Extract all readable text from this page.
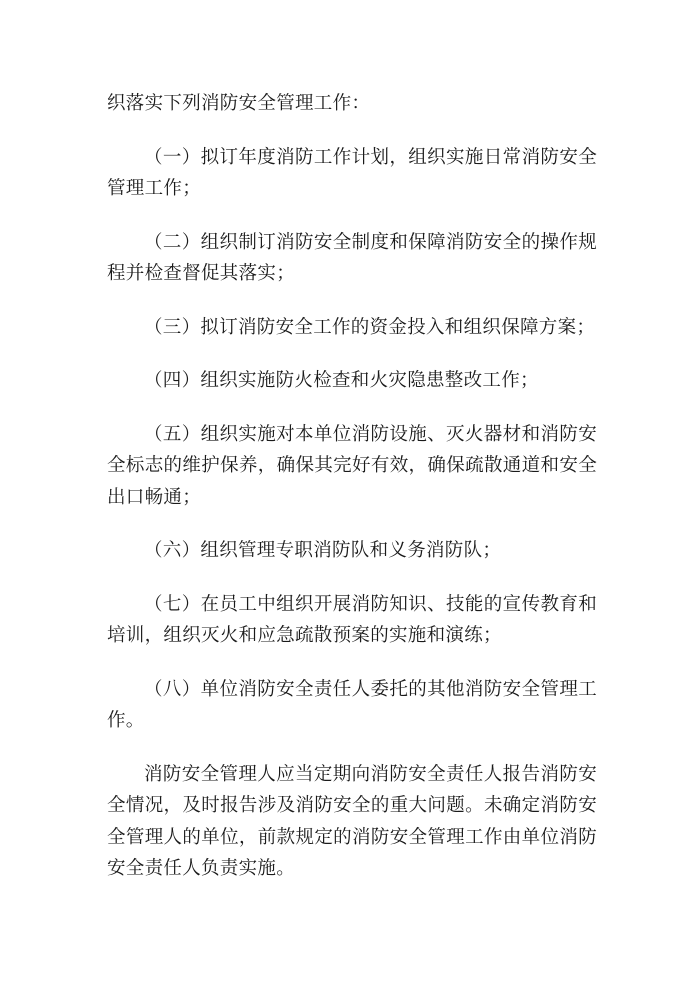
织落实下列消防安全管理工作：

（一）拟订年度消防工作计划，组织实施日常消防安全管理工作；

（二）组织制订消防安全制度和保障消防安全的操作规程并检查督促其落实；

（三）拟订消防安全工作的资金投入和组织保障方案；

（四）组织实施防火检查和火灾隐患整改工作；

（五）组织实施对本单位消防设施、灭火器材和消防安全标志的维护保养，确保其完好有效，确保疏散通道和安全出口畅通；

（六）组织管理专职消防队和义务消防队；

（七）在员工中组织开展消防知识、技能的宣传教育和培训，组织灭火和应急疏散预案的实施和演练；

（八）单位消防安全责任人委托的其他消防安全管理工作。

消防安全管理人应当定期向消防安全责任人报告消防安全情况，及时报告涉及消防安全的重大问题。未确定消防安全管理人的单位，前款规定的消防安全管理工作由单位消防安全责任人负责实施。
